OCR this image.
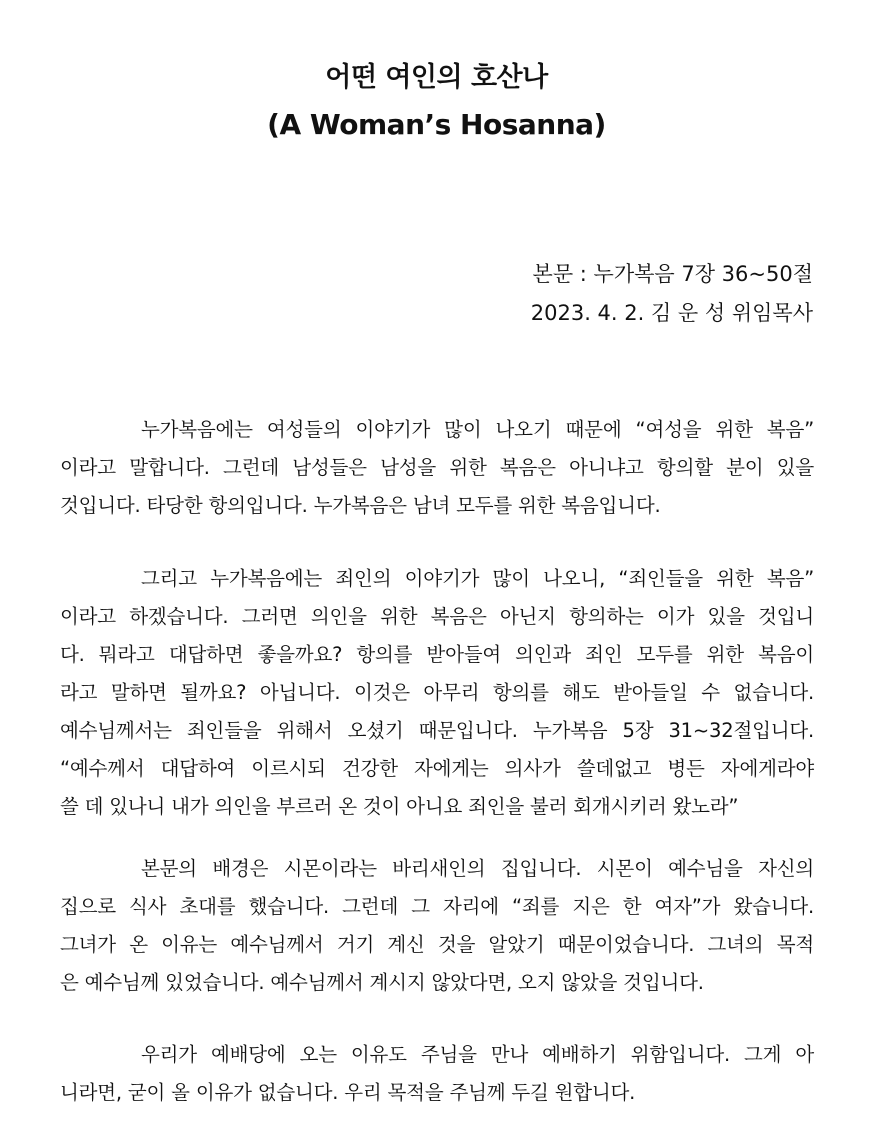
어떤 여인의 호산나
(A Woman’s Hosanna)
본문 : 누가복음 7장 36~50절
2023. 4. 2. 김 운 성 위임목사
누가복음에는 여성들의 이야기가 많이 나오기 때문에 “여성을 위한 복음”
이라고 말합니다. 그런데 남성들은 남성을 위한 복음은 아니냐고 항의할 분이 있을
것입니다. 타당한 항의입니다. 누가복음은 남녀 모두를 위한 복음입니다.
그리고 누가복음에는 죄인의 이야기가 많이 나오니, “죄인들을 위한 복음”
이라고 하겠습니다. 그러면 의인을 위한 복음은 아닌지 항의하는 이가 있을 것입니
다. 뭐라고 대답하면 좋을까요? 항의를 받아들여 의인과 죄인 모두를 위한 복음이
라고 말하면 될까요? 아닙니다. 이것은 아무리 항의를 해도 받아들일 수 없습니다.
예수님께서는 죄인들을 위해서 오셨기 때문입니다. 누가복음 5장 31~32절입니다.
“예수께서 대답하여 이르시되 건강한 자에게는 의사가 쓸데없고 병든 자에게라야
쓸 데 있나니 내가 의인을 부르러 온 것이 아니요 죄인을 불러 회개시키러 왔노라”
본문의 배경은 시몬이라는 바리새인의 집입니다. 시몬이 예수님을 자신의
집으로 식사 초대를 했습니다. 그런데 그 자리에 “죄를 지은 한 여자”가 왔습니다.
그녀가 온 이유는 예수님께서 거기 계신 것을 알았기 때문이었습니다. 그녀의 목적
은 예수님께 있었습니다. 예수님께서 계시지 않았다면, 오지 않았을 것입니다.
우리가 예배당에 오는 이유도 주님을 만나 예배하기 위함입니다. 그게 아
니라면, 굳이 올 이유가 없습니다. 우리 목적을 주님께 두길 원합니다.
